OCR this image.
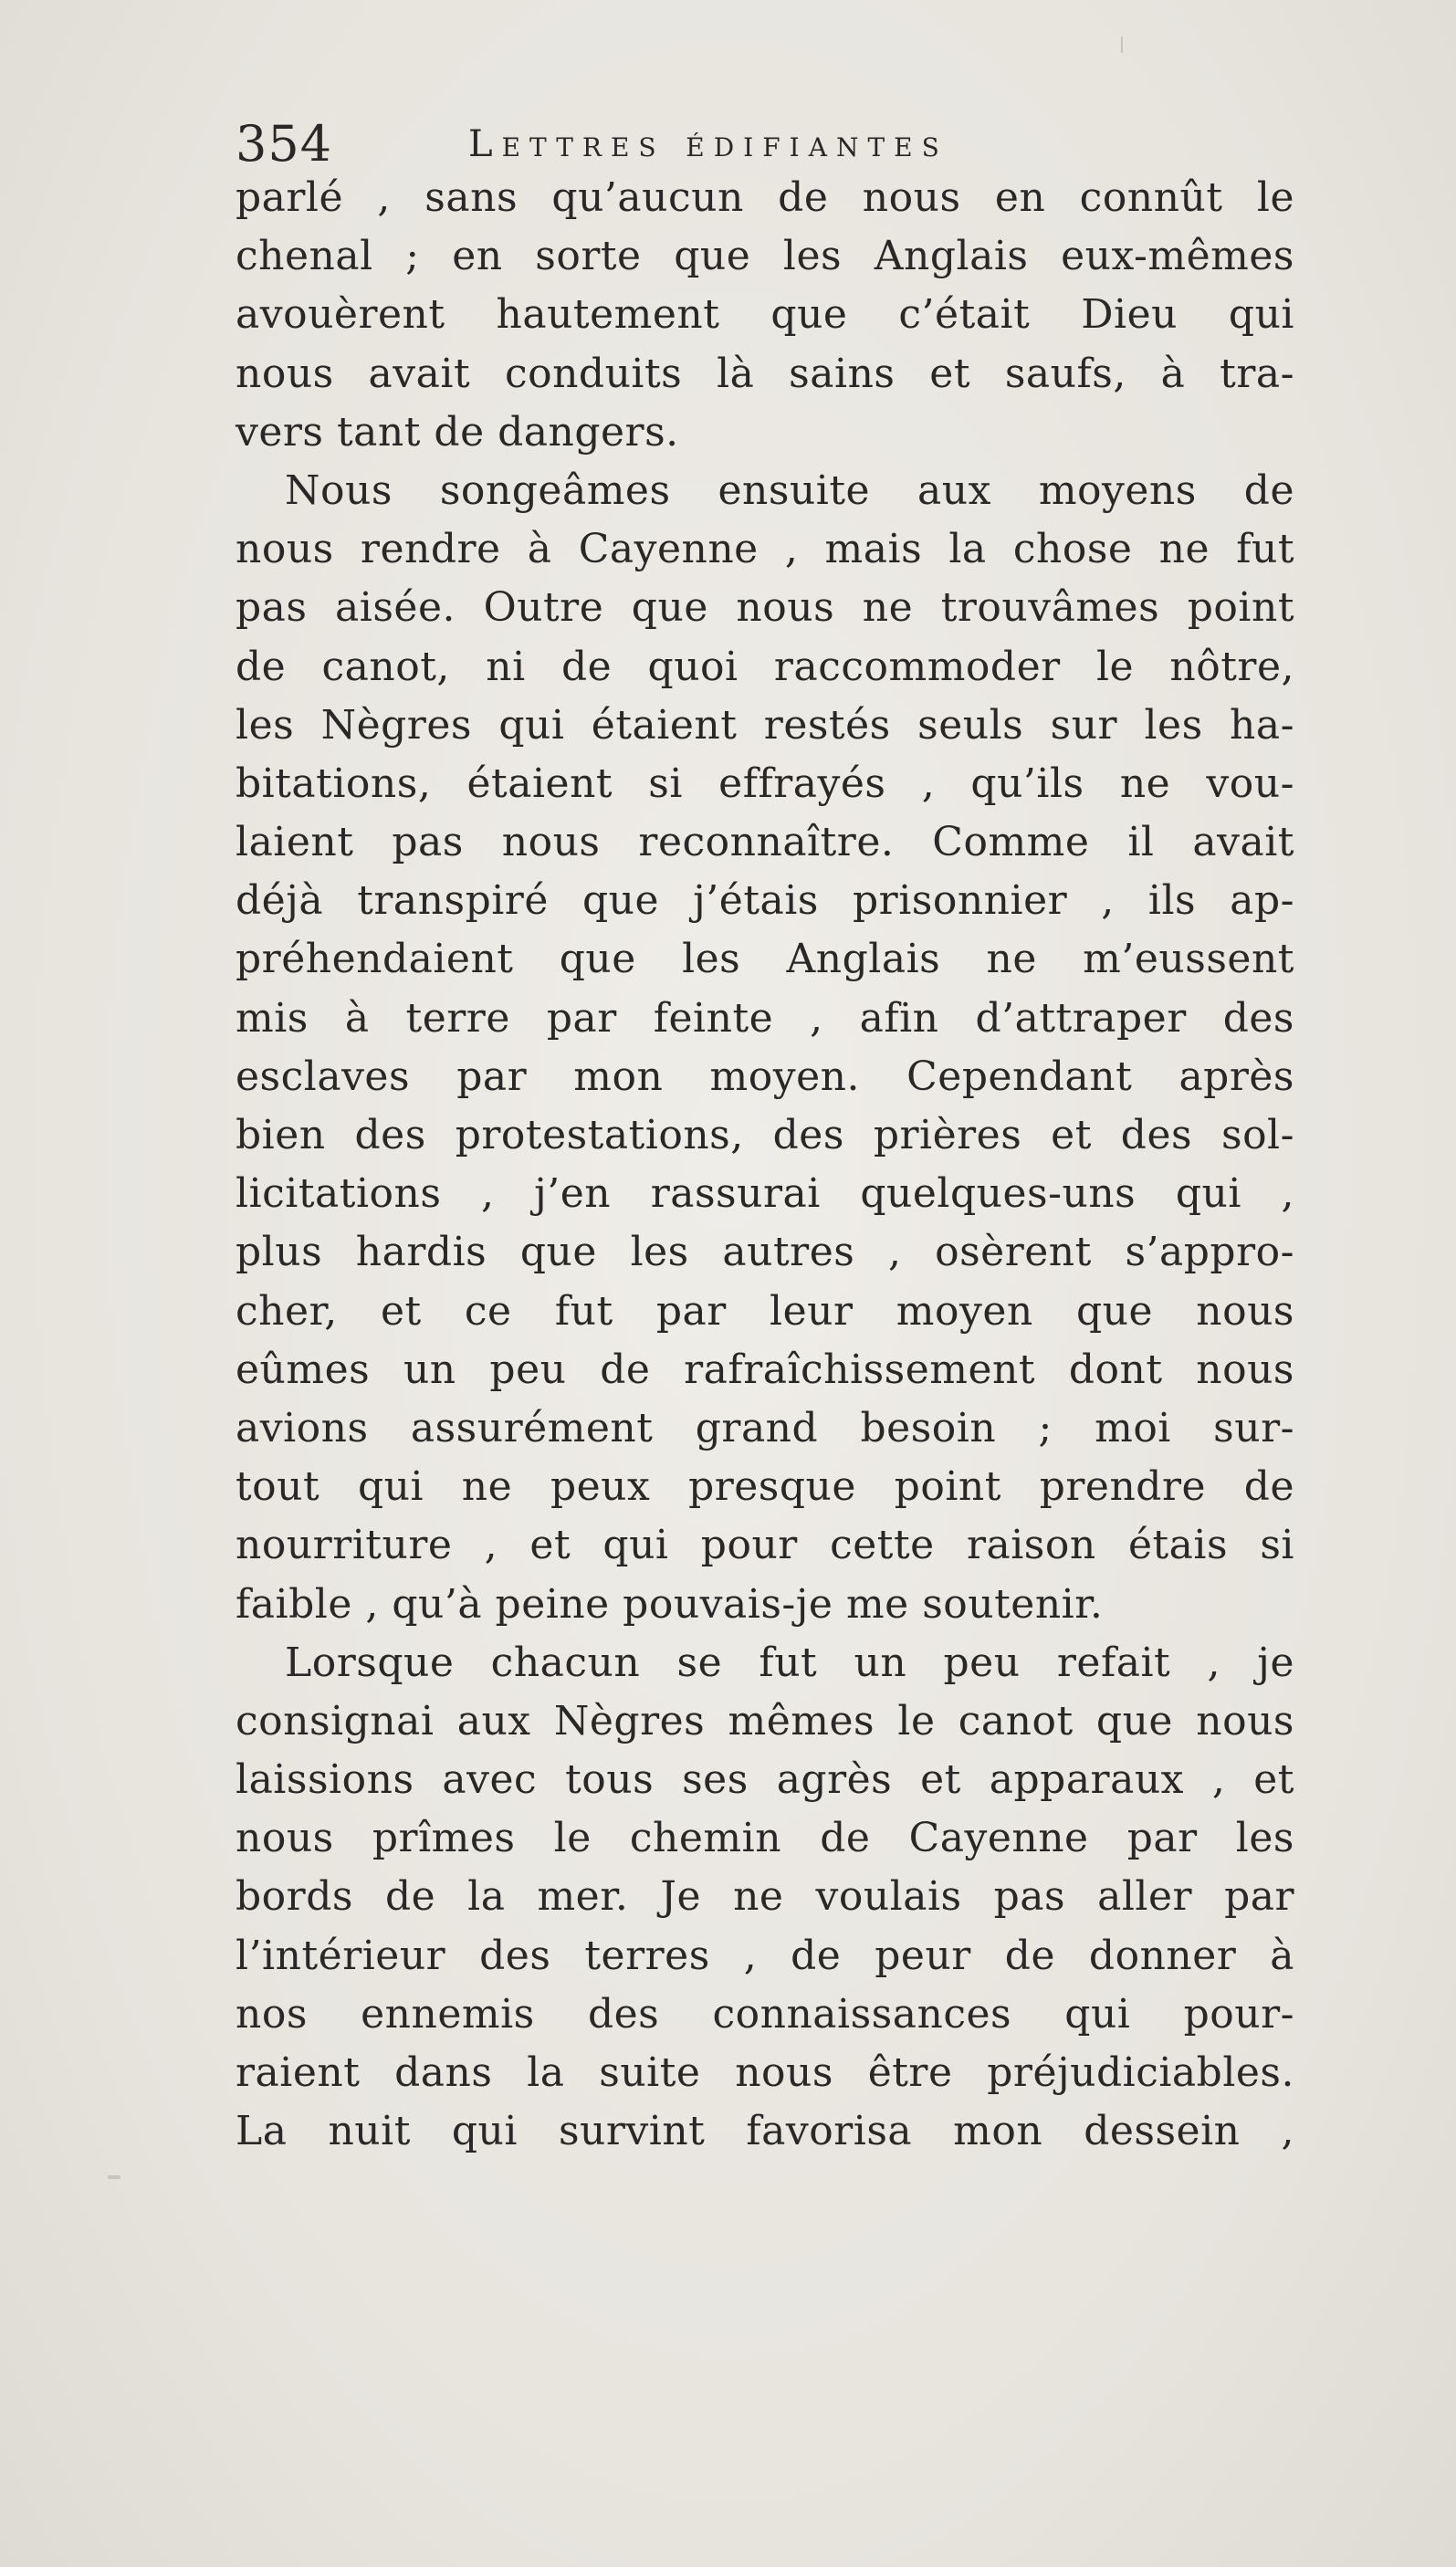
354	Lettres édifiantes
parlé , sans qu’aucun de nous en connût le
chenal ; en sorte que les Anglais eux-mêmes
avouèrent hautement que c’était Dieu qui
nous avait conduits là sains et saufs, à tra-
vers tant de dangers.
Nous songeâmes ensuite aux moyens de
nous rendre à Cayenne , mais la chose ne fut
pas aisée. Outre que nous ne trouvâmes point
de canot, ni de quoi raccommoder le nôtre,
les Nègres qui étaient restés seuls sur les ha-
bitations, étaient si effrayés , qu’ils ne vou-
laient pas nous reconnaître. Comme il avait
déjà transpiré que j’étais prisonnier , ils ap-
préhendaient que les Anglais ne m’eussent
mis à terre par feinte , afin d’attraper des
esclaves par mon moyen. Cependant après
bien des protestations, des prières et des sol-
licitations , j’en rassurai quelques-uns qui ,
plus hardis que les autres , osèrent s’appro-
cher, et ce fut par leur moyen que nous
eûmes un peu de rafraîchissement dont nous
avions assurément grand besoin ; moi sur-
tout qui ne peux presque point prendre de
nourriture , et qui pour cette raison étais si
faible , qu’à peine pouvais-je me soutenir.
Lorsque chacun se fut un peu refait , je
consignai aux Nègres mêmes le canot que nous
laissions avec tous ses agrès et apparaux , et
nous prîmes le chemin de Cayenne par les
bords de la mer. Je ne voulais pas aller par
l’intérieur des terres , de peur de donner à
nos ennemis des connaissances qui pour-
raient dans la suite nous être préjudiciables.
La nuit qui survint favorisa mon dessein ,
